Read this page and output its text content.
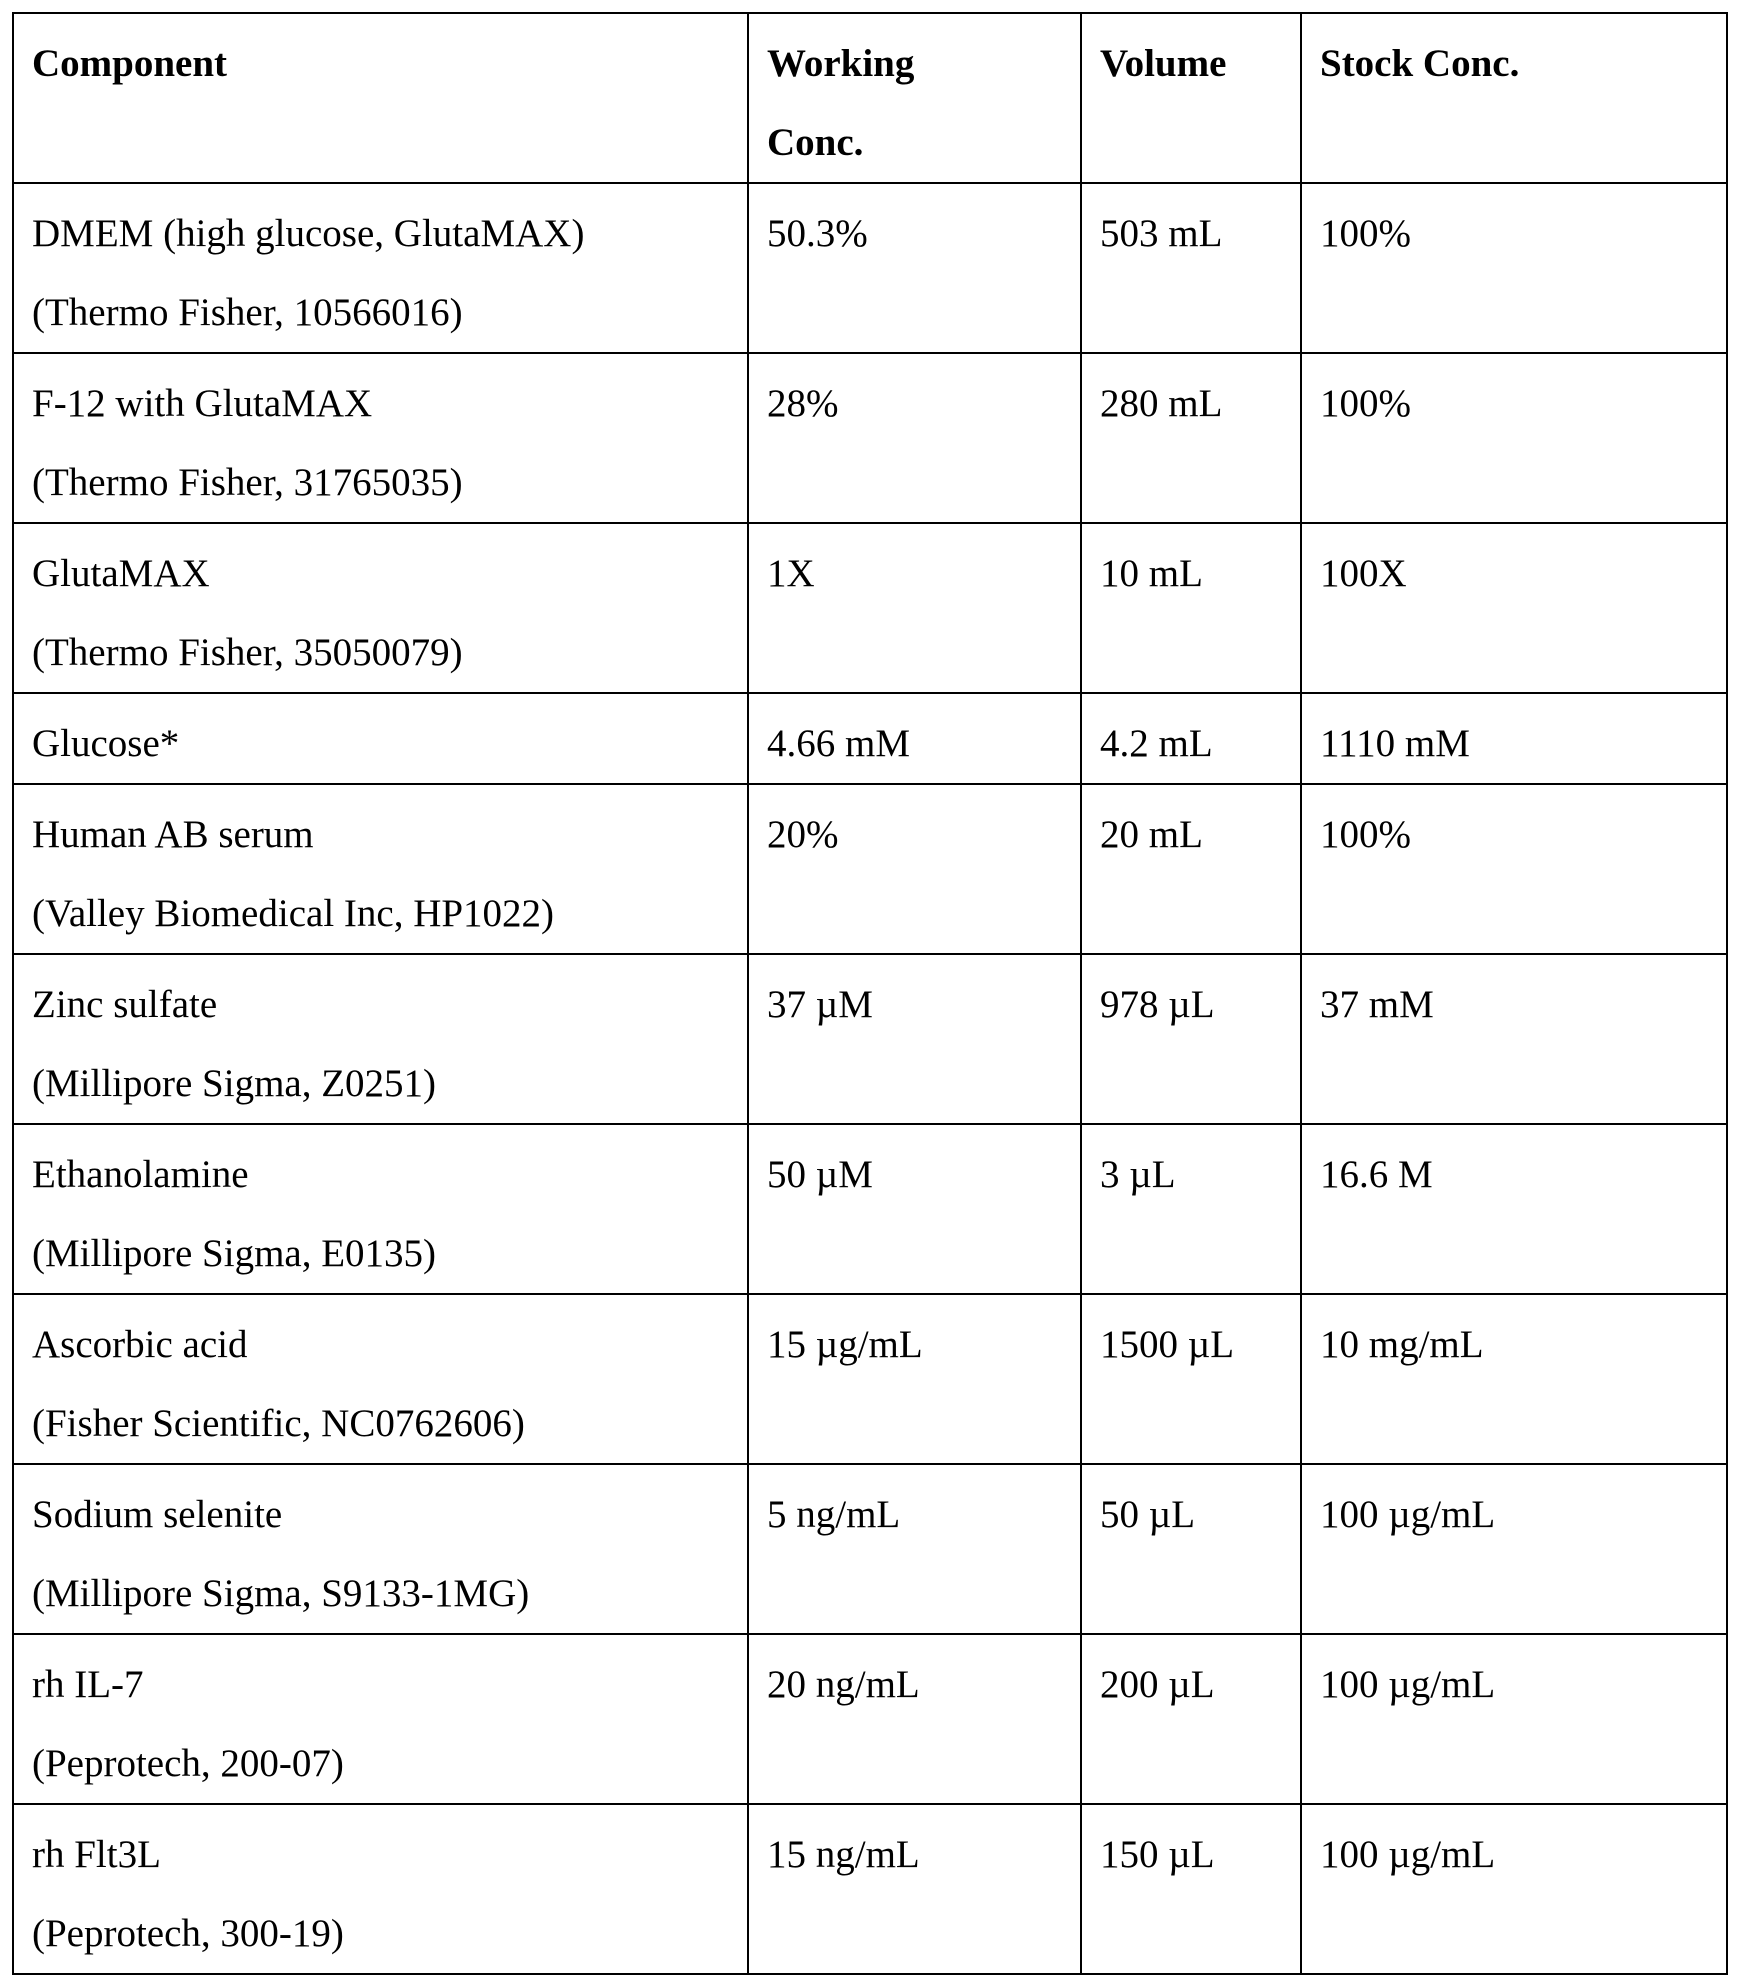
Component	Working
Conc.
	Volume	Stock Conc.

DMEM (high glucose, GlutaMAX)
(Thermo Fisher, 10566016)
	50.3%	503 mL	100%

F-12 with GlutaMAX
(Thermo Fisher, 31765035)
	28%	280 mL	100%

GlutaMAX
(Thermo Fisher, 35050079)
	1X	10 mL	100X

Glucose*	4.66 mM	4.2 mL	1110 mM

Human AB serum
(Valley Biomedical Inc, HP1022)
	20%	20 mL	100%

Zinc sulfate
(Millipore Sigma, Z0251)
	37 µM	978 µL	37 mM

Ethanolamine
(Millipore Sigma, E0135)
	50 µM	3 µL	16.6 M

Ascorbic acid
(Fisher Scientific, NC0762606)
	15 µg/mL	1500 µL	10 mg/mL

Sodium selenite
(Millipore Sigma, S9133-1MG)
	5 ng/mL	50 µL	100 µg/mL

rh IL-7
(Peprotech, 200-07)
	20 ng/mL	200 µL	100 µg/mL

rh Flt3L
(Peprotech, 300-19)
	15 ng/mL	150 µL	100 µg/mL
